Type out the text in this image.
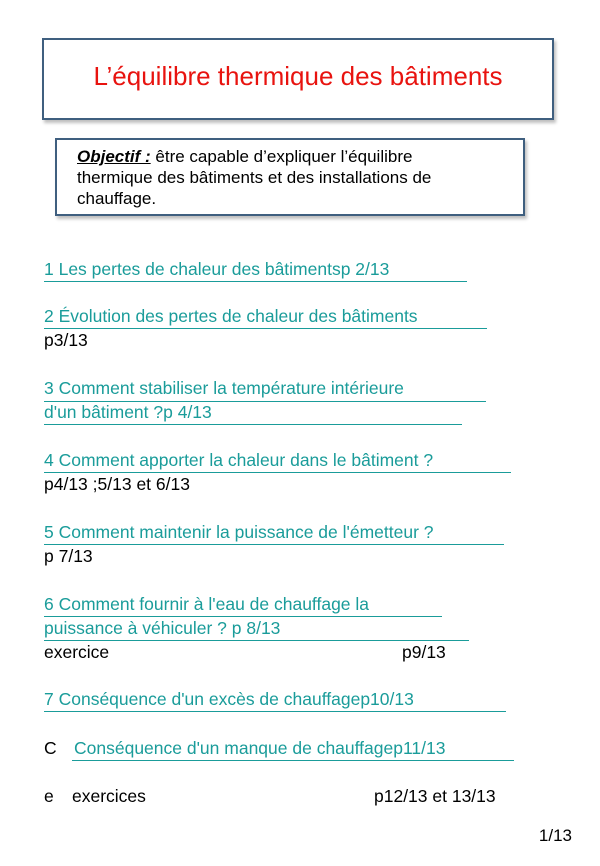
L’équilibre thermique des bâtiments
Objectif : être capable d’expliquer l’équilibre
thermique des bâtiments et des installations de
chauffage.
1 Les pertes de chaleur des bâtimentsp 2/13
2 Évolution des pertes de chaleur des bâtiments
p3/13
3 Comment stabiliser la température intérieure
d'un bâtiment ?p 4/13
4 Comment apporter la chaleur dans le bâtiment ?
p4/13 ;5/13 et 6/13
5 Comment maintenir la puissance de l'émetteur ?
p 7/13
6 Comment fournir à l'eau de chauffage la
puissance à véhiculer ? p 8/13
exercice	p9/13
7 Conséquence d'un excès de chauffagep10/13
C Conséquence d'un manque de chauffagep11/13
e exercices	p12/13 et 13/13
1/13
